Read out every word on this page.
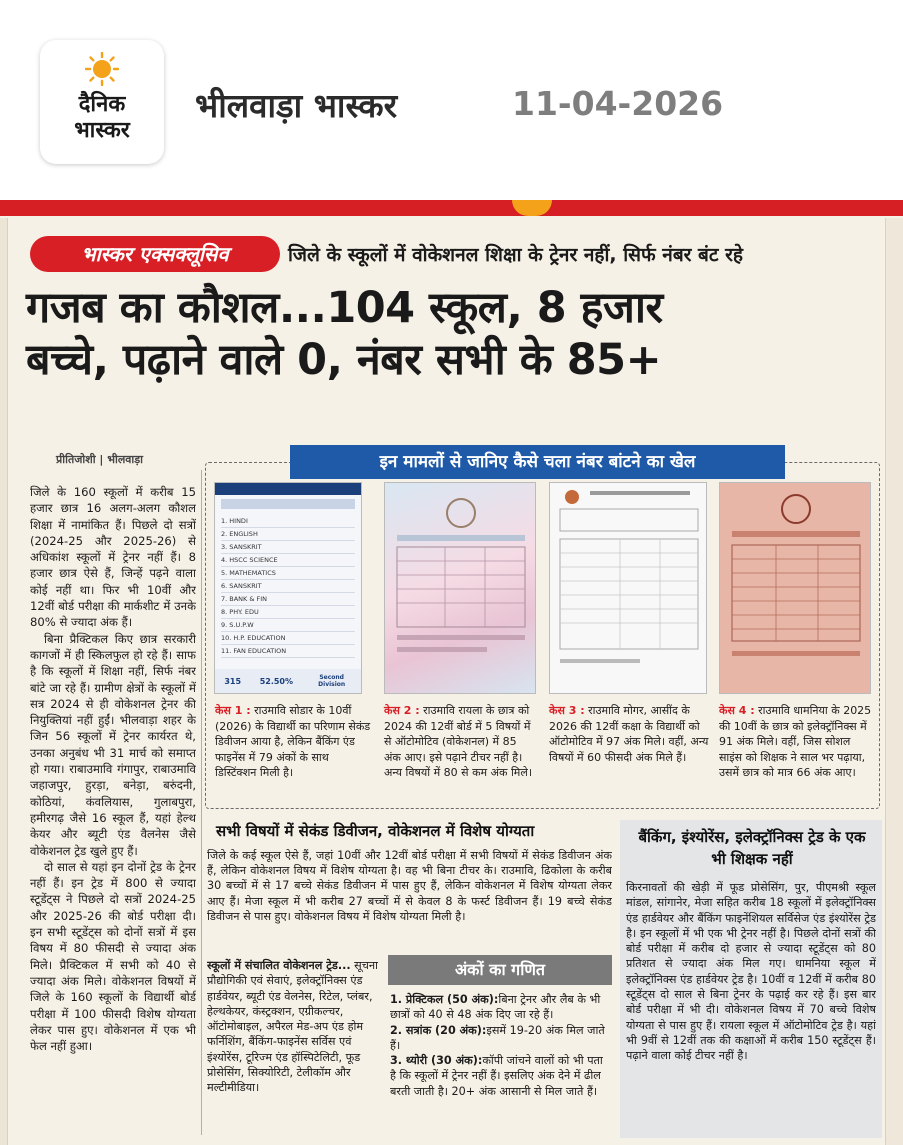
दैनिक
भास्कर
भीलवाड़ा भास्कर	11-04-2026
भास्कर एक्सक्लूसिव	जिले के स्कूलों में वोकेशनल शिक्षा के ट्रेनर नहीं, सिर्फ नंबर बंट रहे
गजब का कौशल...104 स्कूल, 8 हजार
बच्चे, पढ़ाने वाले 0, नंबर सभी के 85+
प्रीतिजोशी | भीलवाड़ा

जिले के 160 स्कूलों में करीब 15 हजार छात्र 16 अलग-अलग कौशल शिक्षा में नामांकित हैं। पिछले दो सत्रों (2024-25 और 2025-26) से अधिकांश स्कूलों में ट्रेनर नहीं हैं। 8 हजार छात्र ऐसे हैं, जिन्हें पढ़ने वाला कोई नहीं था। फिर भी 10वीं और 12वीं बोर्ड परीक्षा की मार्कशीट में उनके 80% से ज्यादा अंक हैं।

बिना प्रैक्टिकल किए छात्र सरकारी कागजों में ही स्किलफुल हो रहे हैं। साफ है कि स्कूलों में शिक्षा नहीं, सिर्फ नंबर बांटे जा रहे हैं। ग्रामीण क्षेत्रों के स्कूलों में सत्र 2024 से ही वोकेशनल ट्रेनर की नियुक्तियां नहीं हुईं। भीलवाड़ा शहर के जिन 56 स्कूलों में ट्रेनर कार्यरत थे, उनका अनुबंध भी 31 मार्च को समाप्त हो गया। राबाउमावि गंगापुर, राबाउमावि जहाजपुर, हुरड़ा, बनेड़ा, बरुंदनी, कोठियां, कंवलियास, गुलाबपुरा, हमीरगढ़ जैसे 16 स्कूल हैं, यहां हेल्थ केयर और ब्यूटी एंड वैलनेस जैसे वोकेशनल ट्रेड खुले हुए हैं।

दो साल से यहां इन दोनों ट्रेड के ट्रेनर नहीं हैं। इन ट्रेड में 800 से ज्यादा स्टूडेंट्स ने पिछले दो सत्रों 2024-25 और 2025-26 की बोर्ड परीक्षा दी। इन सभी स्टूडेंट्स को दोनों सत्रों में इस विषय में 80 फीसदी से ज्यादा अंक मिले। प्रैक्टिकल में सभी को 40 से ज्यादा अंक मिले। वोकेशनल विषयों में जिले के 160 स्कूलों के विद्यार्थी बोर्ड परीक्षा में 100 फीसदी विशेष योग्यता लेकर पास हुए। वोकेशनल में एक भी फेल नहीं हुआ।

इन मामलों से जानिए कैसे चला नंबर बांटने का खेल
1. HINDI
2. ENGLISH
3. SANSKRIT
4. HSCC SCIENCE
5. MATHEMATICS
6. SANSKRIT
7. BANK & FIN
8. PHY. EDU
9. S.U.P.W
10. H.P. EDUCATION
11. FAN EDUCATION
315 52.50%	Second Division
केस 1 : राउमावि सोडार के 10वीं (2026) के विद्यार्थी का परिणाम सेकंड डिवीजन आया है, लेकिन बैंकिंग एंड फाइनेंस में 79 अंकों के साथ डिस्टिंक्शन मिली है।
केस 2 : राउमावि रायला के छात्र को 2024 की 12वीं बोर्ड में 5 विषयों में से ऑटोमोटिव (वोकेशनल) में 85 अंक आए। इसे पढ़ाने टीचर नहीं है। अन्य विषयों में 80 से कम अंक मिले।
केस 3 : राउमावि मोगर, आसींद के 2026 की 12वीं कक्षा के विद्यार्थी को ऑटोमोटिव में 97 अंक मिले। वहीं, अन्य विषयों में 60 फीसदी अंक मिले हैं।
केस 4 : राउमावि धामनिया के 2025 की 10वीं के छात्र को इलेक्ट्रॉनिक्स में 91 अंक मिले। वहीं, जिस सोशल साइंस को शिक्षक ने साल भर पढ़ाया, उसमें छात्र को मात्र 66 अंक आए।
सभी विषयों में सेकंड डिवीजन, वोकेशनल में विशेष योग्यता

जिले के कई स्कूल ऐसे हैं, जहां 10वीं और 12वीं बोर्ड परीक्षा में सभी विषयों में सेकंड डिवीजन अंक हैं, लेकिन वोकेशनल विषय में विशेष योग्यता है। वह भी बिना टीचर के। राउमावि, ढिकोला के करीब 30 बच्चों में से 17 बच्चे सेकंड डिवीजन में पास हुए हैं, लेकिन वोकेशनल में विशेष योग्यता लेकर आए हैं। मेजा स्कूल में भी करीब 27 बच्चों में से केवल 8 के फर्स्ट डिवीजन हैं। 19 बच्चे सेकंड डिवीजन से पास हुए। वोकेशनल विषय में विशेष योग्यता मिली है।

स्कूलों में संचालित वोकेशनल ट्रेड... सूचना प्रौद्योगिकी एवं सेवाएं, इलेक्ट्रॉनिक्स एंड हार्डवेयर, ब्यूटी एंड वेलनेस, रिटेल, प्लंबर, हेल्थकेयर, कंस्ट्रक्शन, एग्रीकल्चर, ऑटोमोबाइल, अपैरल मेड-अप एंड होम फर्निशिंग, बैंकिंग-फाइनेंस सर्विस एवं इंश्योरेंस, टूरिज्म एंड हॉस्पिटेलिटी, फूड प्रोसेसिंग, सिक्योरिटी, टेलीकॉम और मल्टीमीडिया।
अंकों का गणित
1. प्रेक्टिकल (50 अंक):बिना ट्रेनर और लैब के भी छात्रों को 40 से 48 अंक दिए जा रहे हैं।
2. सत्रांक (20 अंक):इसमें 19-20 अंक मिल जाते हैं।
3. थ्योरी (30 अंक):कॉपी जांचने वालों को भी पता है कि स्कूलों में ट्रेनर नहीं हैं। इसलिए अंक देने में ढील बरती जाती है। 20+ अंक आसानी से मिल जाते हैं।
बैंकिंग, इंश्योरेंस, इलेक्ट्रॉनिक्स ट्रेड के एक भी शिक्षक नहीं

किरनावतों की खेड़ी में फूड प्रोसेसिंग, पुर, पीएमश्री स्कूल मांडल, सांगानेर, मेजा सहित करीब 18 स्कूलों में इलेक्ट्रॉनिक्स एंड हार्डवेयर और बैंकिंग फाइनेंशियल सर्विसेज एंड इंश्योरेंस ट्रेड है। इन स्कूलों में भी एक भी ट्रेनर नहीं है। पिछले दोनों सत्रों की बोर्ड परीक्षा में करीब दो हजार से ज्यादा स्टूडेंट्स को 80 प्रतिशत से ज्यादा अंक मिल गए। धामनिया स्कूल में इलेक्ट्रॉनिक्स एंड हार्डवेयर ट्रेड है। 10वीं व 12वीं में करीब 80 स्टूडेंट्स दो साल से बिना ट्रेनर के पढ़ाई कर रहे हैं। इस बार बोर्ड परीक्षा में भी दी। वोकेशनल विषय में 70 बच्चे विशेष योग्यता से पास हुए हैं। रायला स्कूल में ऑटोमोटिव ट्रेड है। यहां भी 9वीं से 12वीं तक की कक्षाओं में करीब 150 स्टूडेंट्स हैं। पढ़ाने वाला कोई टीचर नहीं है।
